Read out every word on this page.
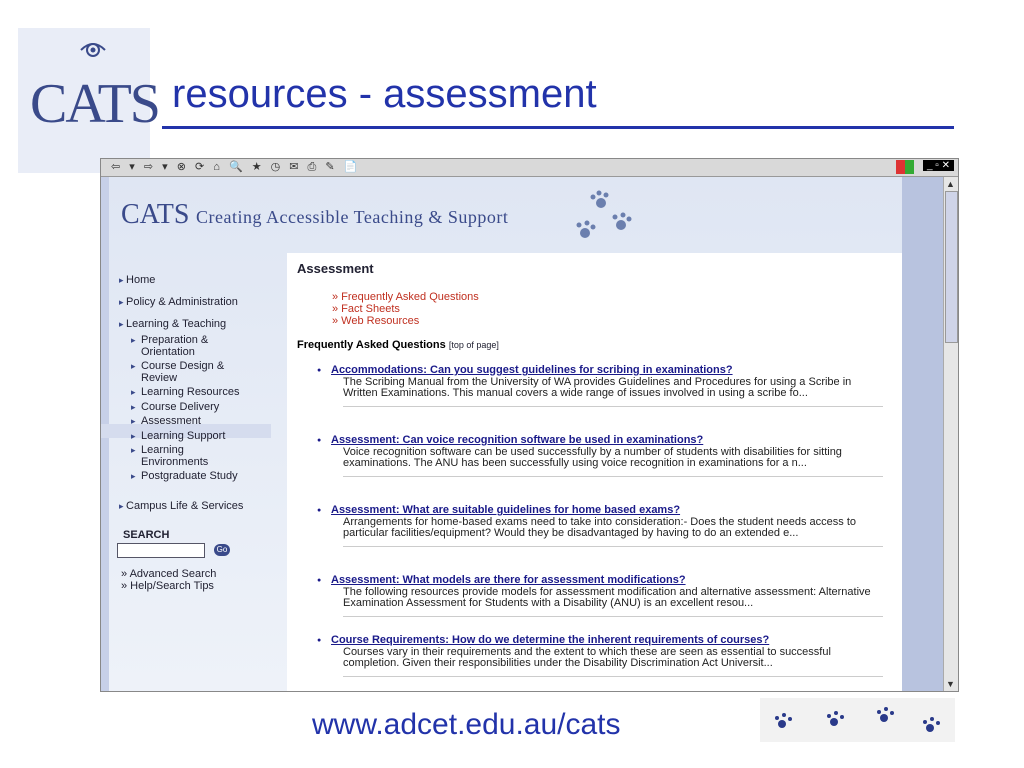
CATS resources - assessment
⇦ ▾ ⇨ ▾ ⊗ ⟳ ⌂ 🔍 ★ ◷ ✉ ⎙ ✎ 📄	_ ▫ ✕
CATS Creating Accessible Teaching & Support
▸ Home
▸ Policy & Administration
▸ Learning & Teaching
▸ Preparation & Orientation
▸ Course Design & Review
▸ Learning Resources
▸ Course Delivery
▸ Assessment
▸ Learning Support
▸ Learning Environments
▸ Postgraduate Study
▸ Campus Life & Services
SEARCH
Go
» Advanced Search
» Help/Search Tips
Assessment
» Frequently Asked Questions
» Fact Sheets
» Web Resources
Frequently Asked Questions [top of page]
● Accommodations: Can you suggest guidelines for scribing in examinations?
The Scribing Manual from the University of WA provides Guidelines and Procedures for using a Scribe in Written Examinations. This manual covers a wide range of issues involved in using a scribe fo...
● Assessment: Can voice recognition software be used in examinations?
Voice recognition software can be used successfully by a number of students with disabilities for sitting examinations. The ANU has been successfully using voice recognition in examinations for a n...
● Assessment: What are suitable guidelines for home based exams?
Arrangements for home-based exams need to take into consideration:- Does the student needs access to particular facilities/equipment? Would they be disadvantaged by having to do an extended e...
● Assessment: What models are there for assessment modifications?
The following resources provide models for assessment modification and alternative assessment: Alternative Examination Assessment for Students with a Disability (ANU) is an excellent resou...
● Course Requirements: How do we determine the inherent requirements of courses?
Courses vary in their requirements and the extent to which these are seen as essential to successful completion. Given their responsibilities under the Disability Discrimination Act Universit...
▲
▼
www.adcet.edu.au/cats
